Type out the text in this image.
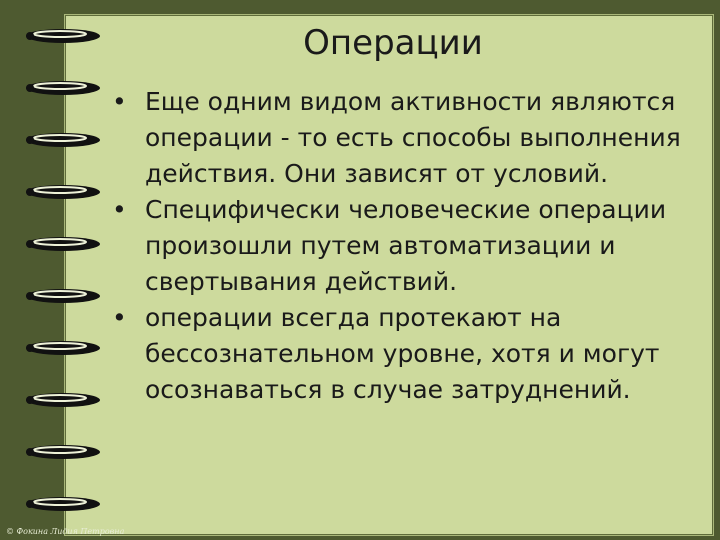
Операции

• Еще одним видом активности являются операции - то есть способы выполнения действия. Они зависят от условий.

• Специфически человеческие операции произошли путем автоматизации и свертывания действий.

• операции всегда протекают на бессознательном уровне, хотя и могут осознаваться в случае затруднений.

© Фокина Лидия Петровна
